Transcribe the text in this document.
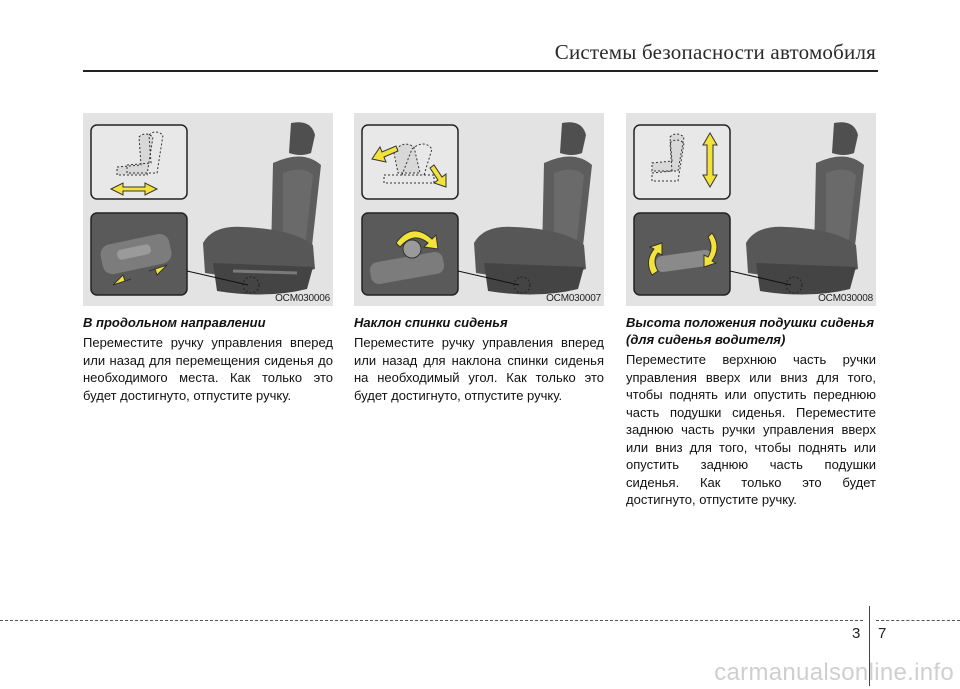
Системы безопасности автомобиля
OCM030006
В продольном направлении

Переместите ручку управления вперед или назад для перемещения сиденья до необходимого места. Как только это будет достигнуто, отпустите ручку.

OCM030007
Наклон спинки сиденья

Переместите ручку управления вперед или назад для наклона спинки сиденья на необходимый угол. Как только это будет достигнуто, отпустите ручку.

OCM030008
Высота положения подушки сиденья (для сиденья водителя)

Переместите верхнюю часть ручки управления вверх или вниз для того, чтобы поднять или опустить переднюю часть подушки сиденья. Переместите заднюю часть ручки управления вверх или вниз для того, чтобы поднять или опустить заднюю часть подушки сиденья. Как только это будет достигнуто, отпустите ручку.

3 7
carmanualsonline.info
